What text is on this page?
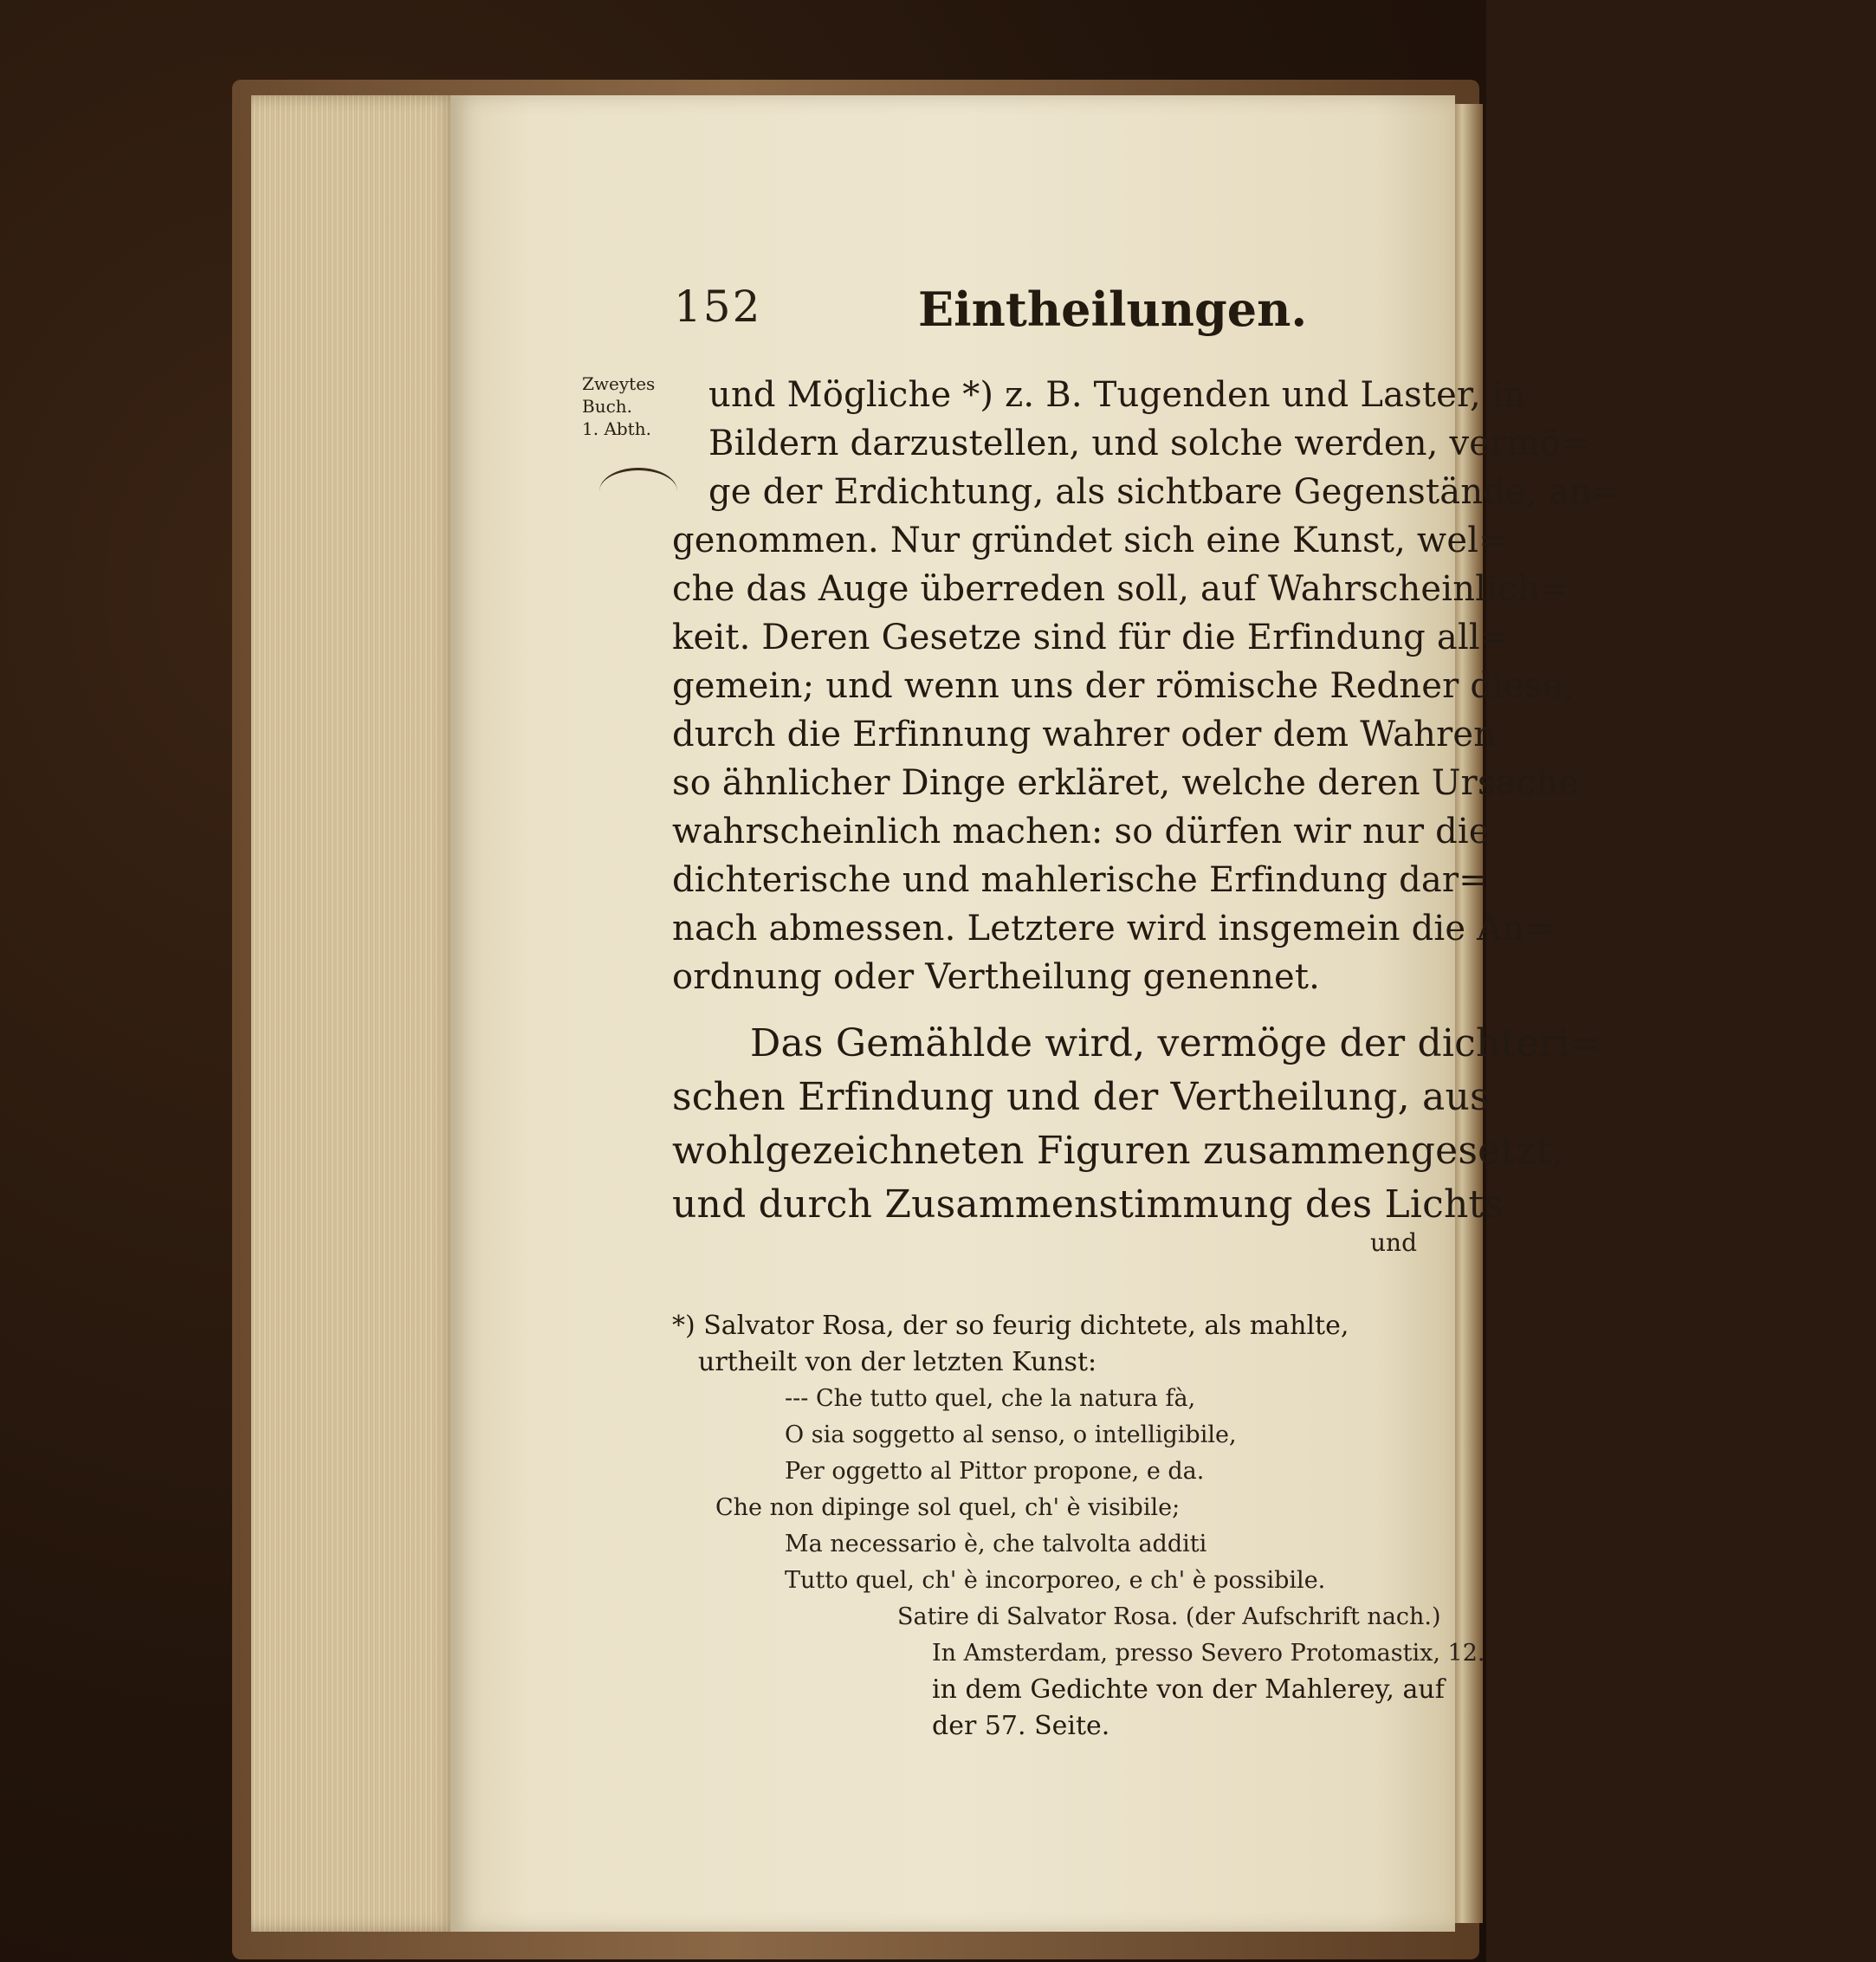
152	Eintheilungen.
Zweytes
Buch.
1. Abth.
und Mögliche *) z. B. Tugenden und Laster, in
Bildern darzustellen, und solche werden, vermö=
ge der Erdichtung, als sichtbare Gegenstände, an=
genommen. Nur gründet sich eine Kunst, wel=
che das Auge überreden soll, auf Wahrscheinlich=
keit. Deren Gesetze sind für die Erfindung all=
gemein; und wenn uns der römische Redner diese,
durch die Erfinnung wahrer oder dem Wahren
so ähnlicher Dinge erkläret, welche deren Ursache
wahrscheinlich machen: so dürfen wir nur die
dichterische und mahlerische Erfindung dar=
nach abmessen. Letztere wird insgemein die An=
ordnung oder Vertheilung genennet.
Das Gemählde wird, vermöge der dichteri=
schen Erfindung und der Vertheilung, aus
wohlgezeichneten Figuren zusammengesetzt,
und durch Zusammenstimmung des Lichts
und
*) Salvator Rosa, der so feurig dichtete, als mahlte,
urtheilt von der letzten Kunst:
--- Che tutto quel, che la natura fà,
O sia soggetto al senso, o intelligibile,
Per oggetto al Pittor propone, e da.
Che non dipinge sol quel, ch' è visibile;
Ma necessario è, che talvolta additi
Tutto quel, ch' è incorporeo, e ch' è possibile.
Satire di Salvator Rosa. (der Aufschrift nach.)
In Amsterdam, presso Severo Protomastix, 12.
in dem Gedichte von der Mahlerey, auf
der 57. Seite.
